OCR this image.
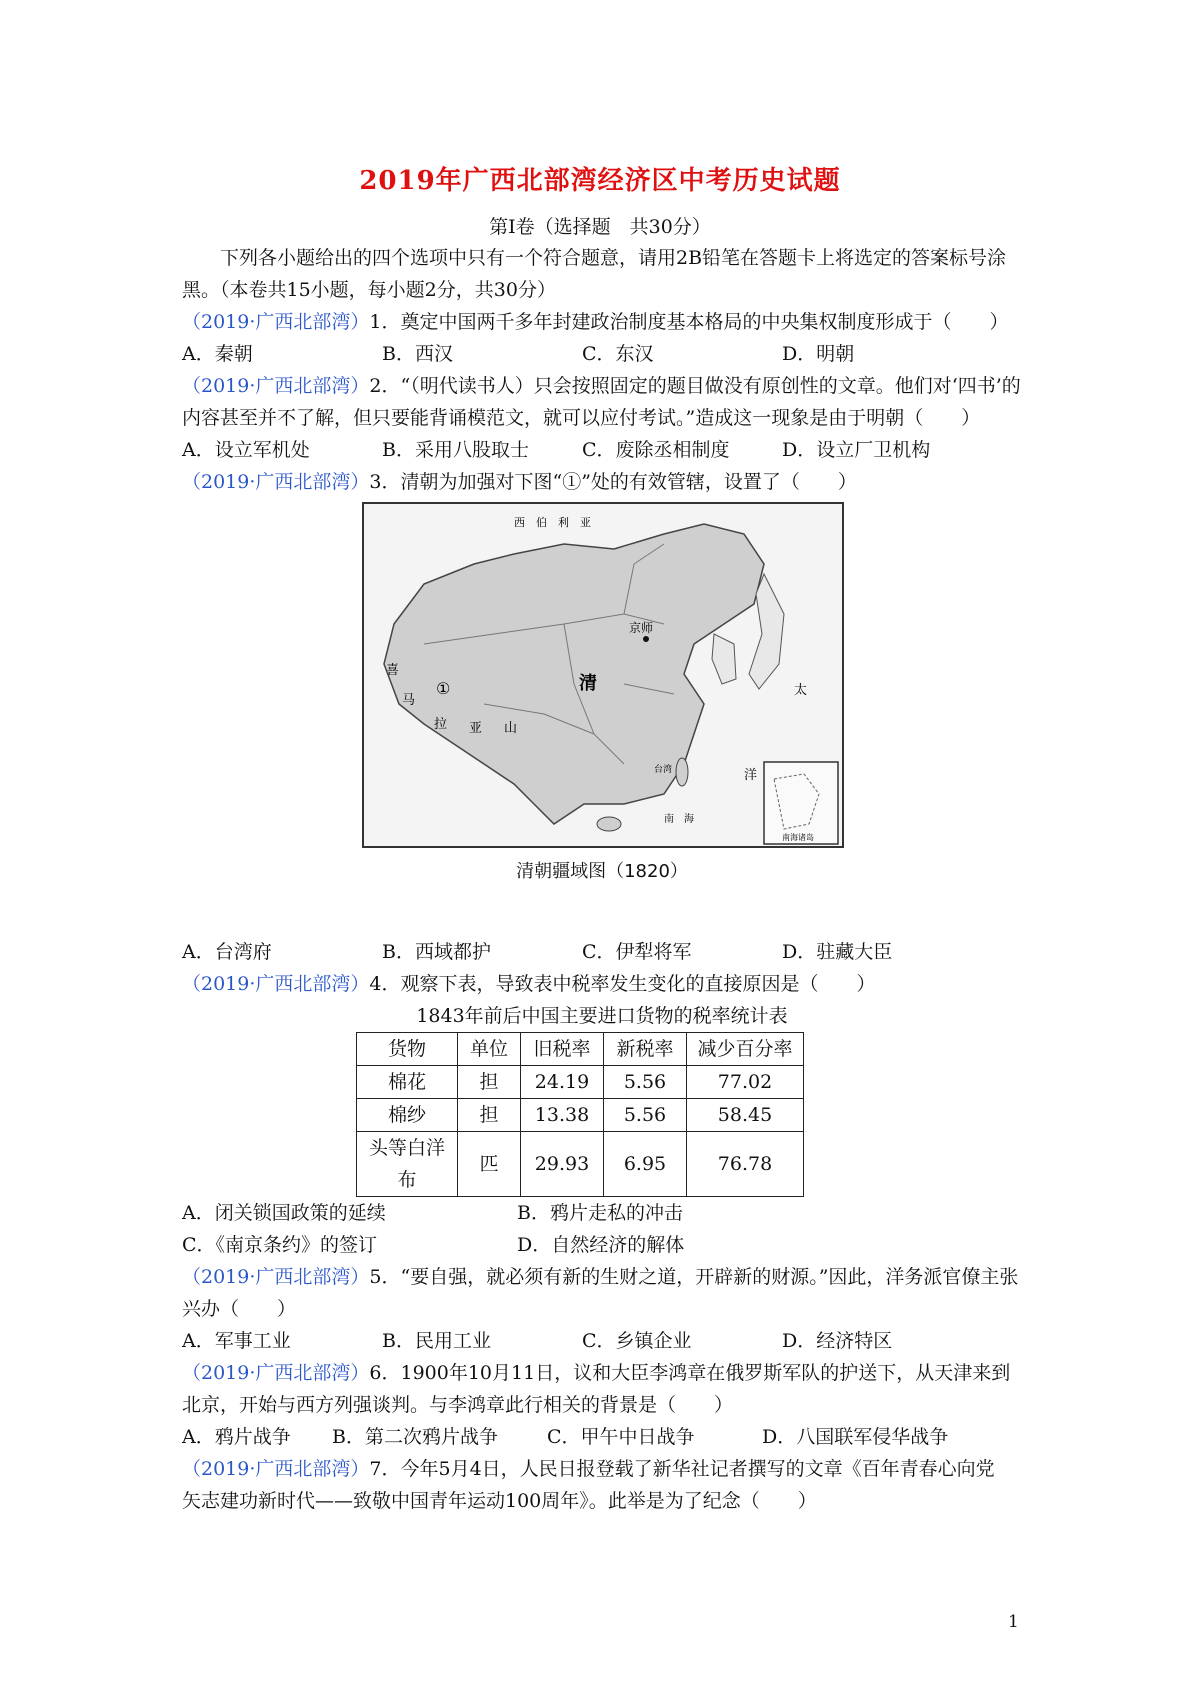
2019年广西北部湾经济区中考历史试题
第Ⅰ卷（选择题　共30分）

下列各小题给出的四个选项中只有一个符合题意，请用2B铅笔在答题卡上将选定的答案标号涂黑。（本卷共15小题，每小题2分，共30分）

（2019·广西北部湾）1．奠定中国两千多年封建政治制度基本格局的中央集权制度形成于（　　）

A．秦朝	B．西汉	C．东汉	D．明朝

（2019·广西北部湾）2．“（明代读书人）只会按照固定的题目做没有原创性的文章。他们对‘四书’的内容甚至并不了解，但只要能背诵模范文，就可以应付考试。”造成这一现象是由于明朝（　　）

A．设立军机处	B．采用八股取士	C．废除丞相制度	D．设立厂卫机构

（2019·广西北部湾）3．清朝为加强对下图“①”处的有效管辖，设置了（　　）

西　伯　利　亚
京师
清
①
喜
马
拉 亚 山
台湾
南　海
太
洋
南海诸岛
清朝疆域图（1820）
A．台湾府	B．西域都护	C．伊犁将军	D．驻藏大臣

（2019·广西北部湾）4．观察下表，导致表中税率发生变化的直接原因是（　　）

1843年前后中国主要进口货物的税率统计表

货物	单位	旧税率	新税率	减少百分率
棉花	担	24.19	5.56	77.02
棉纱	担	13.38	5.56	58.45
头等白洋布	匹	29.93	6.95	76.78
A．闭关锁国政策的延续	B．鸦片走私的冲击
C．《南京条约》的签订	D．自然经济的解体

（2019·广西北部湾）5．“要自强，就必须有新的生财之道，开辟新的财源。”因此，洋务派官僚主张兴办（　　）

A．军事工业	B．民用工业	C．乡镇企业	D．经济特区

（2019·广西北部湾）6．1900年10月11日，议和大臣李鸿章在俄罗斯军队的护送下，从天津来到北京，开始与西方列强谈判。与李鸿章此行相关的背景是（　　）

A．鸦片战争	B．第二次鸦片战争	C．甲午中日战争	D．八国联军侵华战争

（2019·广西北部湾）7．今年5月4日，人民日报登载了新华社记者撰写的文章《百年青春心向党　矢志建功新时代——致敬中国青年运动100周年》。此举是为了纪念（　　）

1
